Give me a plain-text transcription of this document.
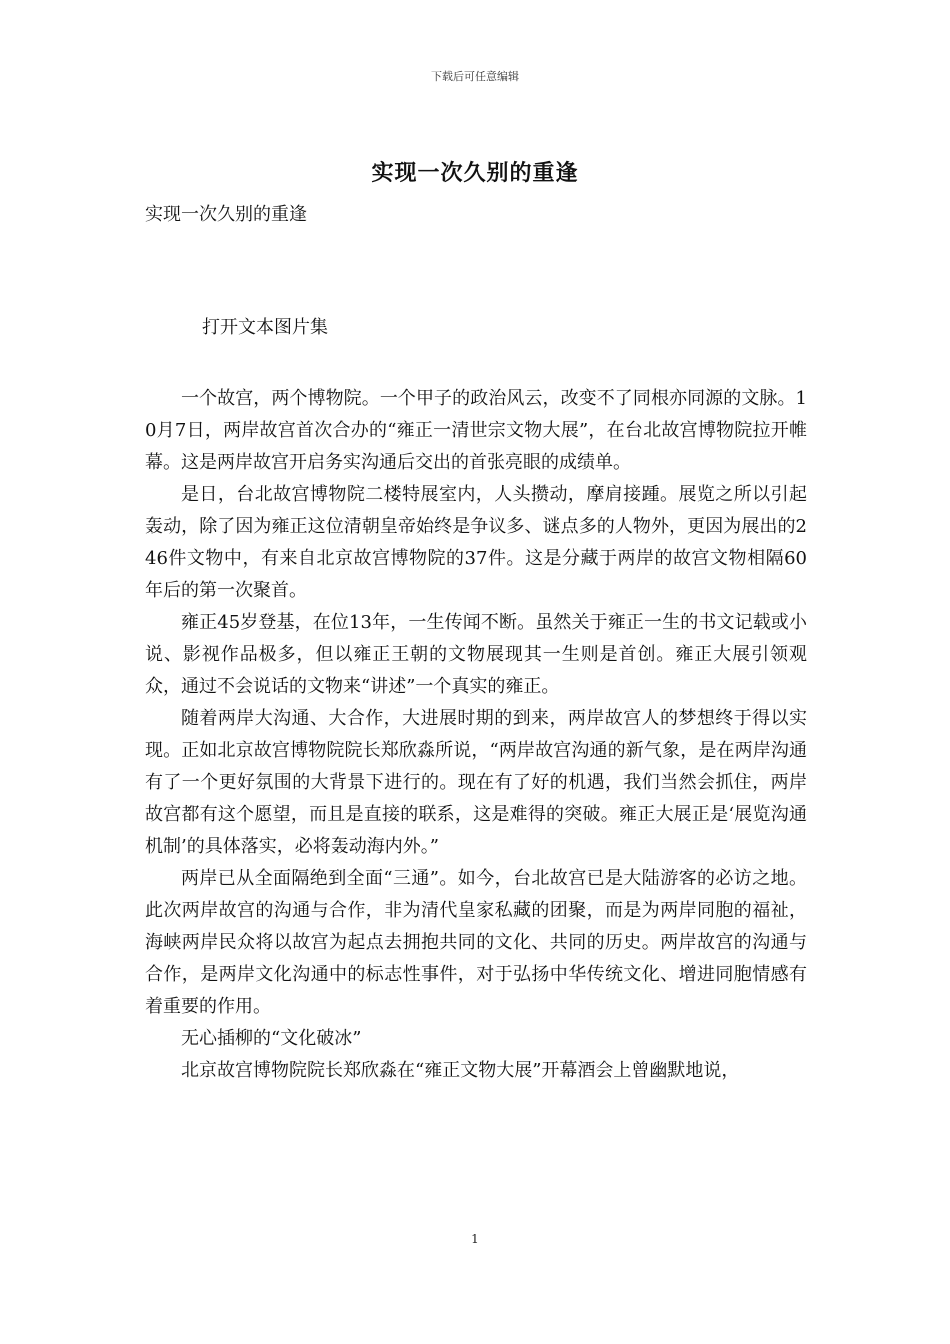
下载后可任意编辑
实现一次久别的重逢
实现一次久别的重逢
打开文本图片集

一个故宫，两个博物院。一个甲子的政治风云，改变不了同根亦同源的文脉。10月7日，两岸故宫首次合办的“雍正一清世宗文物大展”，在台北故宫博物院拉开帷幕。这是两岸故宫开启务实沟通后交出的首张亮眼的成绩单。

是日，台北故宫博物院二楼特展室内，人头攒动，摩肩接踵。展览之所以引起轰动，除了因为雍正这位清朝皇帝始终是争议多、谜点多的人物外，更因为展出的246件文物中，有来自北京故宫博物院的37件。这是分藏于两岸的故宫文物相隔60年后的第一次聚首。

雍正45岁登基，在位13年，一生传闻不断。虽然关于雍正一生的书文记载或小说、影视作品极多，但以雍正王朝的文物展现其一生则是首创。雍正大展引领观众，通过不会说话的文物来“讲述”一个真实的雍正。

随着两岸大沟通、大合作，大进展时期的到来，两岸故宫人的梦想终于得以实现。正如北京故宫博物院院长郑欣淼所说，“两岸故宫沟通的新气象，是在两岸沟通有了一个更好氛围的大背景下进行的。现在有了好的机遇，我们当然会抓住，两岸故宫都有这个愿望，而且是直接的联系，这是难得的突破。雍正大展正是‘展览沟通机制’的具体落实，必将轰动海内外。”

两岸已从全面隔绝到全面“三通”。如今，台北故宫已是大陆游客的必访之地。此次两岸故宫的沟通与合作，非为清代皇家私藏的团聚，而是为两岸同胞的福祉，海峡两岸民众将以故宫为起点去拥抱共同的文化、共同的历史。两岸故宫的沟通与合作，是两岸文化沟通中的标志性事件，对于弘扬中华传统文化、增进同胞情感有着重要的作用。

无心插柳的“文化破冰”

北京故宫博物院院长郑欣淼在“雍正文物大展”开幕酒会上曾幽默地说，

1
